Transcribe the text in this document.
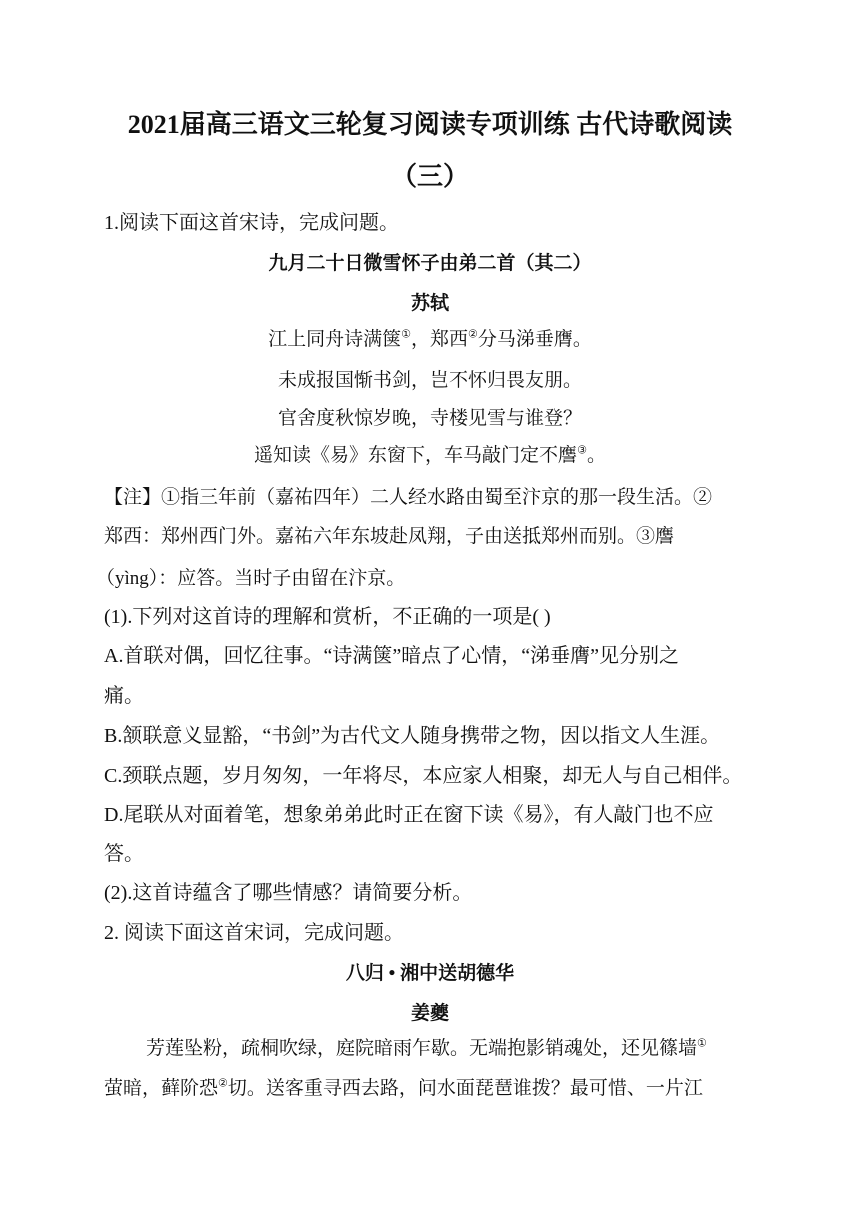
2021届高三语文三轮复习阅读专项训练 古代诗歌阅读
（三）
1.阅读下面这首宋诗，完成问题。
九月二十日微雪怀子由弟二首（其二）
苏轼
江上同舟诗满箧①，郑西②分马涕垂膺。
未成报国惭书剑，岂不怀归畏友朋。
官舍度秋惊岁晚，寺楼见雪与谁登？
遥知读《易》东窗下，车马敲门定不譍③。
【注】①指三年前（嘉祐四年）二人经水路由蜀至汴京的那一段生活。②
郑西：郑州西门外。嘉祐六年东坡赴凤翔，子由送抵郑州而别。③譍
（yìng）：应答。当时子由留在汴京。
(1).下列对这首诗的理解和赏析，不正确的一项是( )
A.首联对偶，回忆往事。“诗满箧”暗点了心情，“涕垂膺”见分别之
痛。
B.颔联意义显豁，“书剑”为古代文人随身携带之物，因以指文人生涯。
C.颈联点题，岁月匆匆，一年将尽，本应家人相聚，却无人与自己相伴。
D.尾联从对面着笔，想象弟弟此时正在窗下读《易》，有人敲门也不应
答。
(2).这首诗蕴含了哪些情感？请简要分析。
2. 阅读下面这首宋词，完成问题。
八归 • 湘中送胡德华
姜夔
芳莲坠粉，疏桐吹绿，庭院暗雨乍歇。无端抱影销魂处，还见篠墙①
萤暗，藓阶恐②切。送客重寻西去路，问水面琵琶谁拨？最可惜、一片江
